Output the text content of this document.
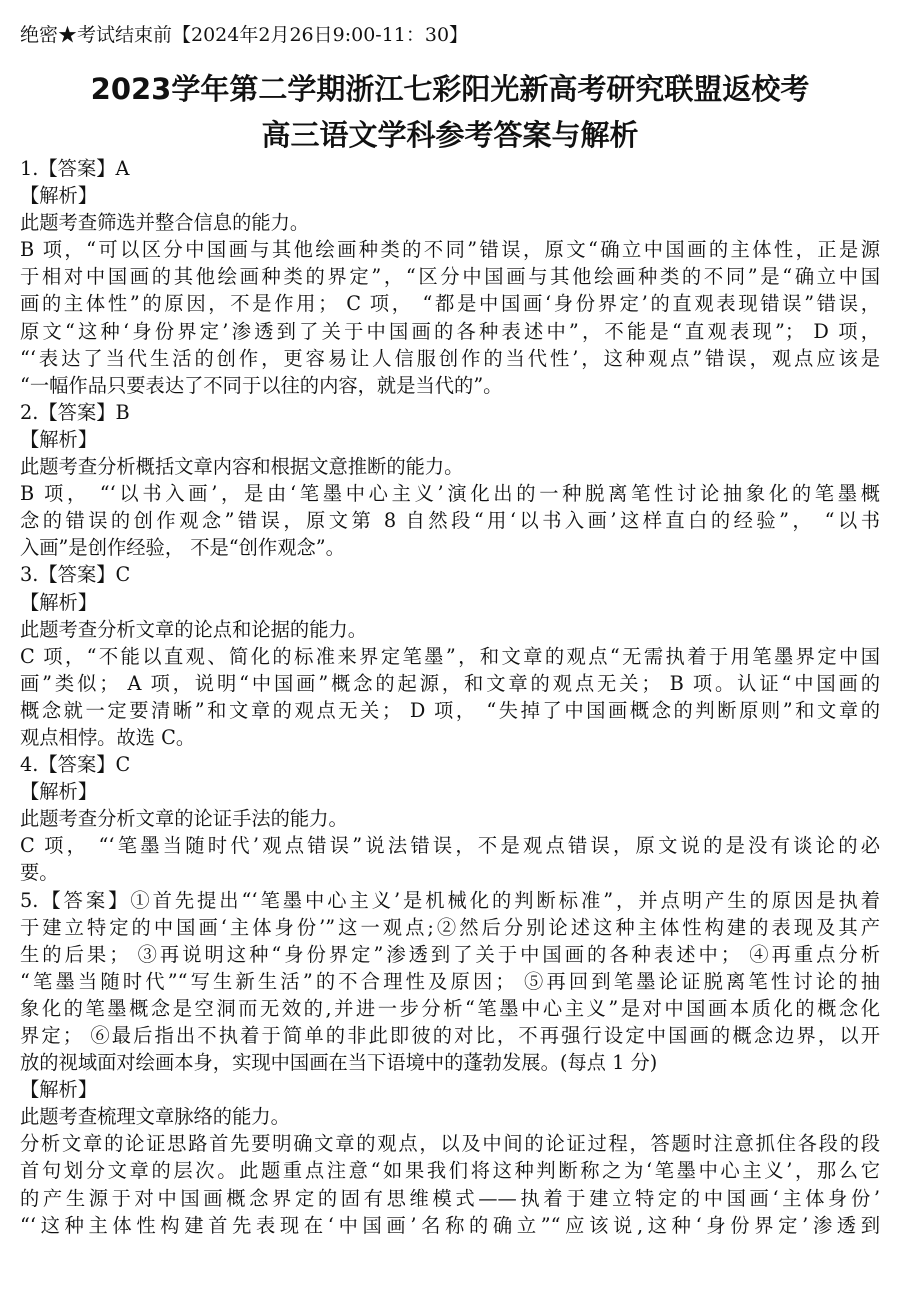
绝密★考试结束前【2024年2月26日9:00-11：30】
2023学年第二学期浙江七彩阳光新高考研究联盟返校考
高三语文学科参考答案与解析
1.【答案】A
【解析】
此题考查筛选并整合信息的能力。
B 项，“可以区分中国画与其他绘画种类的不同”错误，原文“确立中国画的主体性，正是源
于相对中国画的其他绘画种类的界定”，“区分中国画与其他绘画种类的不同”是“确立中国
画的主体性”的原因，不是作用； C 项， “都是中国画‘身份界定’的直观表现错误”错误，
原文“这种‘身份界定’渗透到了关于中国画的各种表述中”，不能是“直观表现”； D 项，
“‘表达了当代生活的创作，更容易让人信服创作的当代性’，这种观点”错误，观点应该是
“一幅作品只要表达了不同于以往的内容，就是当代的”。
2.【答案】B
【解析】
此题考查分析概括文章内容和根据文意推断的能力。
B 项， “‘以书入画’，是由‘笔墨中心主义’演化出的一种脱离笔性讨论抽象化的笔墨概
念的错误的创作观念”错误，原文第 8 自然段“用‘以书入画’这样直白的经验”， “以书
入画”是创作经验， 不是“创作观念”。
3.【答案】C
【解析】
此题考查分析文章的论点和论据的能力。
C 项，“不能以直观、简化的标准来界定笔墨”，和文章的观点“无需执着于用笔墨界定中国
画”类似； A 项，说明“中国画”概念的起源，和文章的观点无关； B 项。认证“中国画的
概念就一定要清晰”和文章的观点无关； D 项， “失掉了中国画概念的判断原则”和文章的
观点相悖。故选 C。
4.【答案】C
【解析】
此题考查分析文章的论证手法的能力。
C 项， “‘笔墨当随时代’观点错误”说法错误，不是观点错误，原文说的是没有谈论的必
要。
5.【答案】①首先提出“‘笔墨中心主义’是机械化的判断标准”，并点明产生的原因是执着
于建立特定的中国画‘主体身份’”这一观点;②然后分别论述这种主体性构建的表现及其产
生的后果； ③再说明这种“身份界定”渗透到了关于中国画的各种表述中； ④再重点分析
“笔墨当随时代”“写生新生活”的不合理性及原因； ⑤再回到笔墨论证脱离笔性讨论的抽
象化的笔墨概念是空洞而无效的,并进一步分析“笔墨中心主义”是对中国画本质化的概念化
界定； ⑥最后指出不执着于简单的非此即彼的对比，不再强行设定中国画的概念边界，以开
放的视域面对绘画本身，实现中国画在当下语境中的蓬勃发展。(每点 1 分)
【解析】
此题考查梳理文章脉络的能力。
分析文章的论证思路首先要明确文章的观点，以及中间的论证过程，答题时注意抓住各段的段
首句划分文章的层次。此题重点注意“如果我们将这种判断称之为‘笔墨中心主义’，那么它
的产生源于对中国画概念界定的固有思维模式——执着于建立特定的中国画‘主体身份’
“‘这种主体性构建首先表现在‘中国画’名称的确立”“应该说,这种‘身份界定’渗透到
